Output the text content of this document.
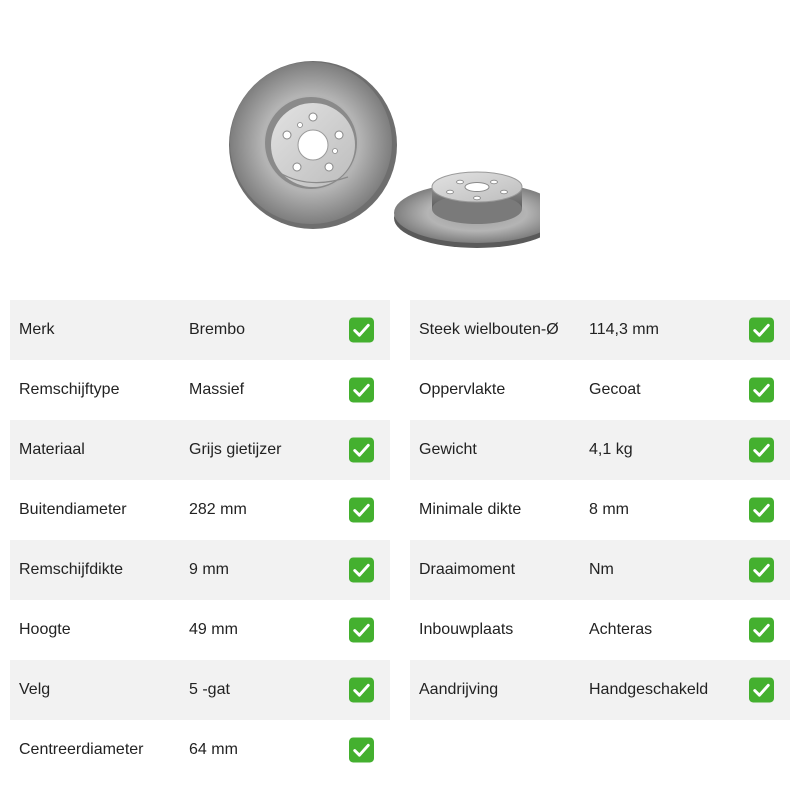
Merk	Brembo
Remschijftype	Massief
Materiaal	Grijs gietijzer
Buitendiameter	282 mm
Remschijfdikte	9 mm
Hoogte	49 mm
Velg	5 -gat
Centreerdiameter	64 mm
Steek wielbouten-Ø 114,3 mm
Oppervlakte	Gecoat
Gewicht	4,1 kg
Minimale dikte	8 mm
Draaimoment	Nm
Inbouwplaats	Achteras
Aandrijving	Handgeschakeld
